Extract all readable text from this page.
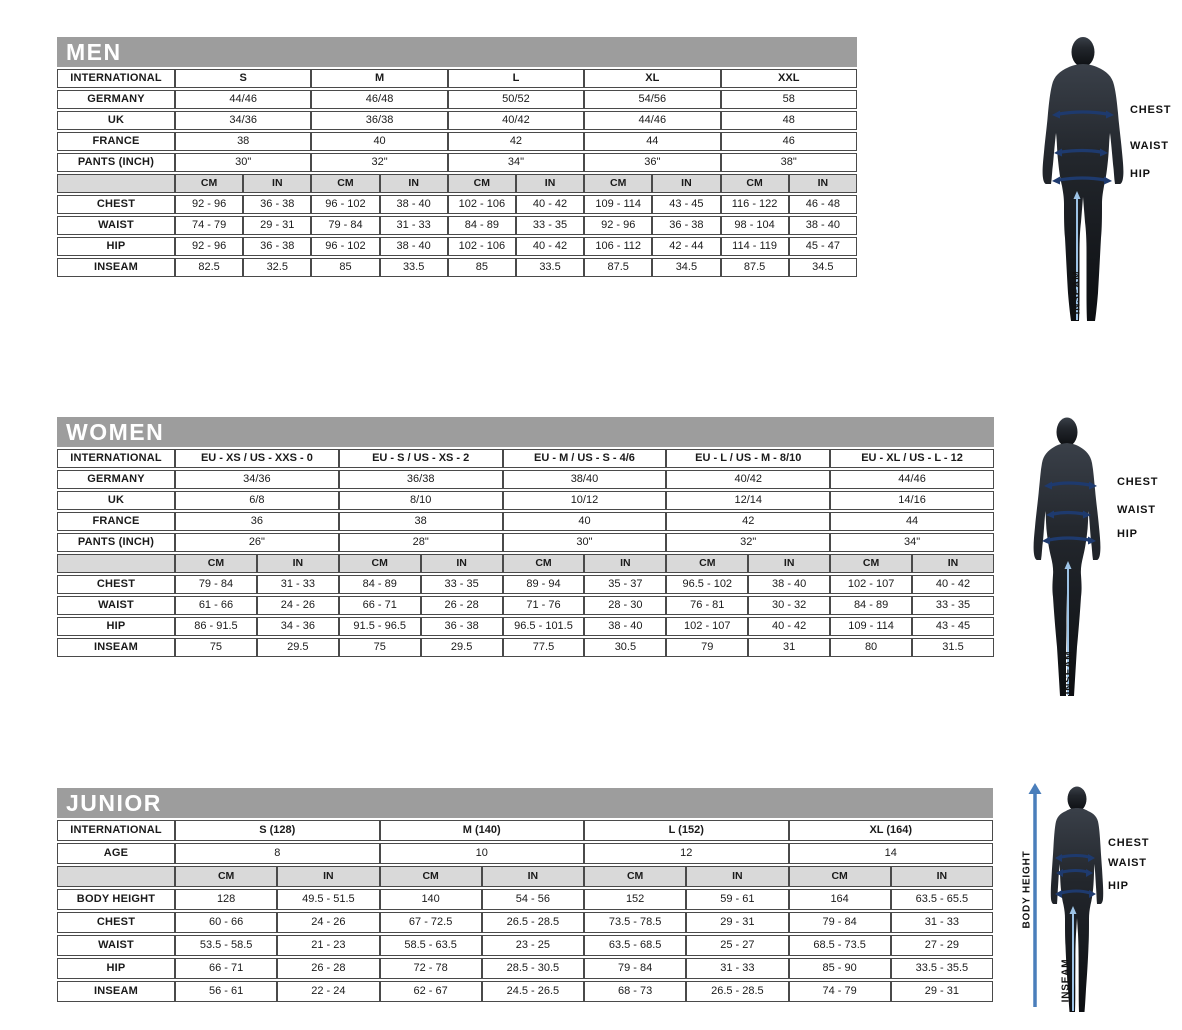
MEN
INTERNATIONAL	S		M		L		XL		XXL	
GERMANY	44/46		46/48		50/52		54/56		58	
UK	34/36		36/38		40/42		44/46		48	
FRANCE	38		40		42		44		46	
PANTS (INCH)	30"		32"		34"		36"		38"	
	CM	IN	CM	IN	CM	IN	CM	IN	CM	IN
CHEST	92 - 96	36 - 38	96 - 102	38 - 40	102 - 106	40 - 42	109 - 114	43 - 45	116 - 122	46 - 48
WAIST	74 - 79	29 - 31	79 - 84	31 - 33	84 - 89	33 - 35	92 - 96	36 - 38	98 - 104	38 - 40
HIP	92 - 96	36 - 38	96 - 102	38 - 40	102 - 106	40 - 42	106 - 112	42 - 44	114 - 119	45 - 47
INSEAM	82.5	32.5	85	33.5	85	33.5	87.5	34.5	87.5	34.5
CHEST
WAIST
HIP
INSEAM
WOMEN
INTERNATIONAL	EU - XS / US - XXS - 0		EU - S / US - XS - 2		EU - M / US - S - 4/6		EU - L / US - M - 8/10		EU - XL / US - L - 12	
GERMANY	34/36		36/38		38/40		40/42		44/46	
UK	6/8		8/10		10/12		12/14		14/16	
FRANCE	36		38		40		42		44	
PANTS (INCH)	26"		28"		30"		32"		34"	
	CM	IN	CM	IN	CM	IN	CM	IN	CM	IN
CHEST	79 - 84	31 - 33	84 - 89	33 - 35	89 - 94	35 - 37	96.5 - 102	38 - 40	102 - 107	40 - 42
WAIST	61 - 66	24 - 26	66 - 71	26 - 28	71 - 76	28 - 30	76 - 81	30 - 32	84 - 89	33 - 35
HIP	86 - 91.5	34 - 36	91.5 - 96.5	36 - 38	96.5 - 101.5	38 - 40	102 - 107	40 - 42	109 - 114	43 - 45
INSEAM	75	29.5	75	29.5	77.5	30.5	79	31	80	31.5
CHEST
WAIST
HIP
INSEAM
JUNIOR
INTERNATIONAL	S (128)		M (140)		L (152)		XL (164)	
AGE	8		10		12		14	
	CM	IN	CM	IN	CM	IN	CM	IN
BODY HEIGHT	128	49.5 - 51.5	140	54 - 56	152	59 - 61	164	63.5 - 65.5
CHEST	60 - 66	24 - 26	67 - 72.5	26.5 - 28.5	73.5 - 78.5	29 - 31	79 - 84	31 - 33
WAIST	53.5 - 58.5	21 - 23	58.5 - 63.5	23 - 25	63.5 - 68.5	25 - 27	68.5 - 73.5	27 - 29
HIP	66 - 71	26 - 28	72 - 78	28.5 - 30.5	79 - 84	31 - 33	85 - 90	33.5 - 35.5
INSEAM	56 - 61	22 - 24	62 - 67	24.5 - 26.5	68 - 73	26.5 - 28.5	74 - 79	29 - 31
CHEST
WAIST
HIP
INSEAM
BODY HEIGHT
